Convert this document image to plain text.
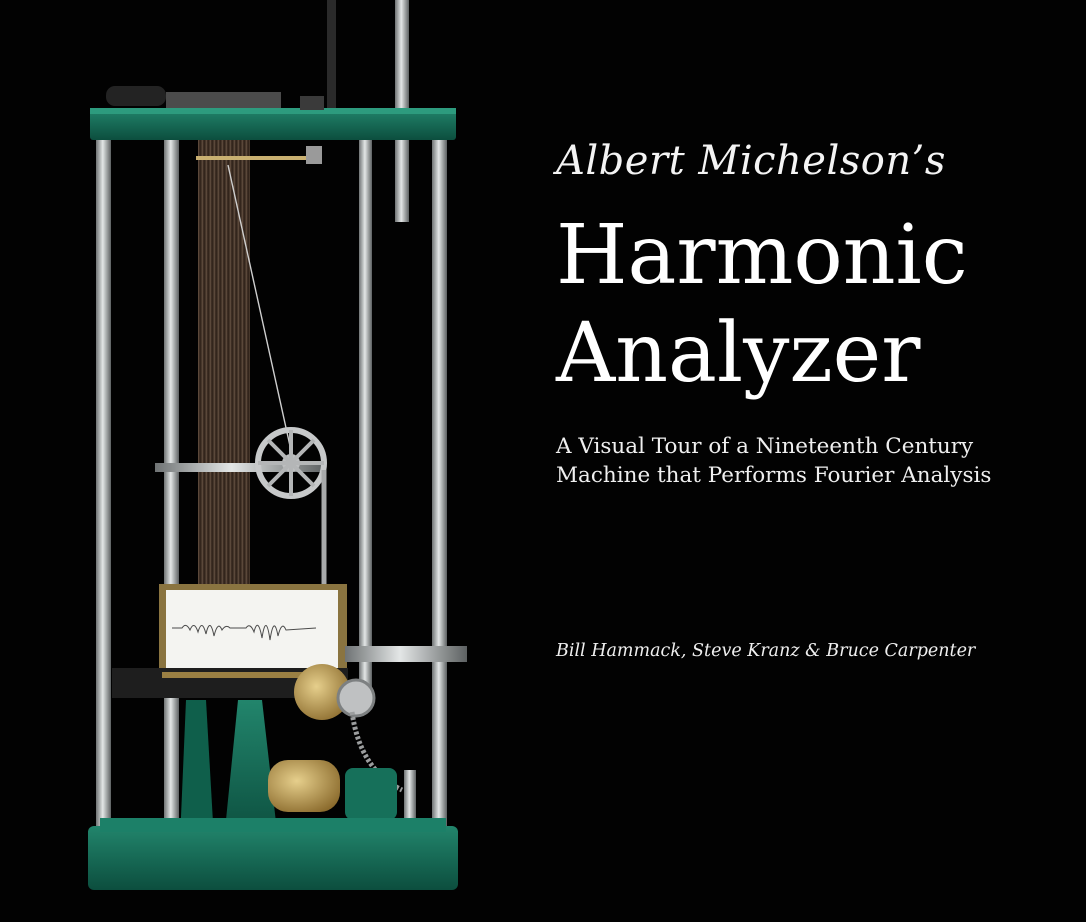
Albert Michelson’s
Harmonic
Analyzer
A Visual Tour of a Nineteenth Century
Machine that Performs Fourier Analysis
Bill Hammack, Steve Kranz & Bruce Carpenter
